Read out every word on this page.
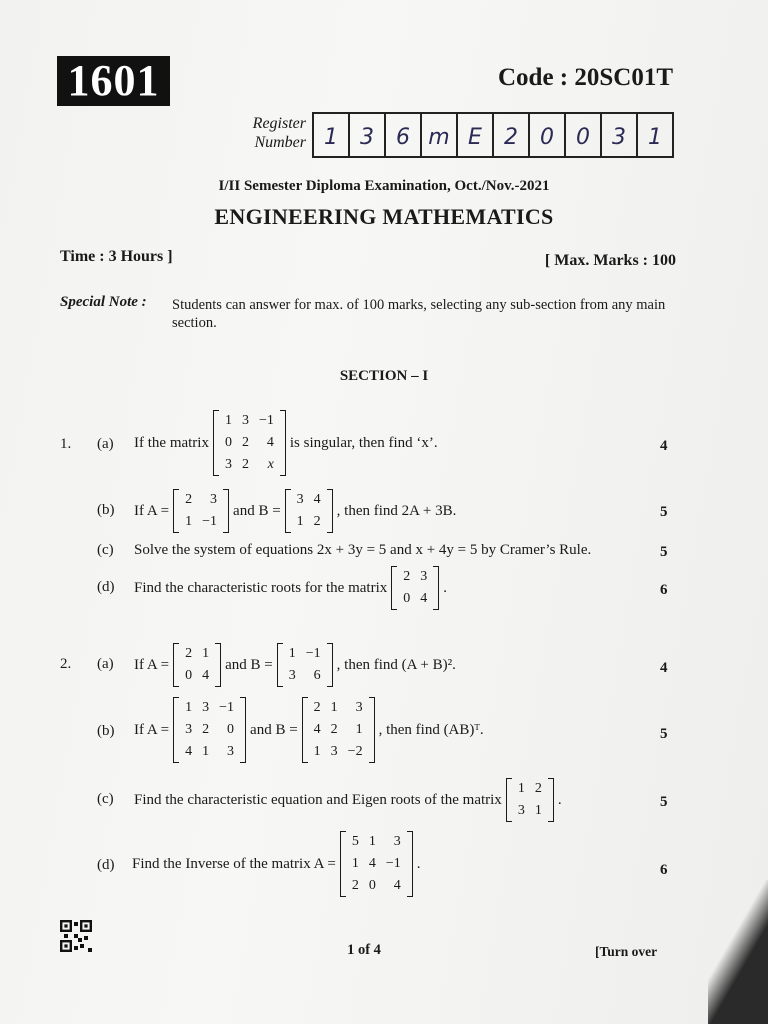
1601	Code : 20SC01T
Register
Number 1	3	6 m E	2	0	0	3	1
I/II Semester Diploma Examination, Oct./Nov.-2021
ENGINEERING MATHEMATICS
Time : 3 Hours ]	[ Max. Marks : 100
Special Note : Students can answer for max. of 100 marks, selecting any sub-section from any main section.
SECTION – I
1. (a) If the matrix
1	3	−1
0	2	4
3	2	x
is singular, then find ‘x’.	4
(b) If A =
2	3
1	−1
and B =
3	4
1	2
, then find 2A + 3B.	5
(c) Solve the system of equations 2x + 3y = 5 and x + 4y = 5 by Cramer’s Rule.	5
(d) Find the characteristic roots for the matrix
2	3
0	4
.	6
2. (a) If A =
2	1
0	4
and B =
1	−1
3	6
, then find (A + B)².	4
(b) If A =
1	3	−1
3	2	0
4	1	3
and B =
2	1	3
4	2	1
1	3	−2
, then find (AB)ᵀ.	5
(c) Find the characteristic equation and Eigen roots of the matrix
1	2
3	1
.	5
(d) Find the Inverse of the matrix A =
5	1	3
1	4	−1
2	0	4
.	6
1 of 4	[Turn over
